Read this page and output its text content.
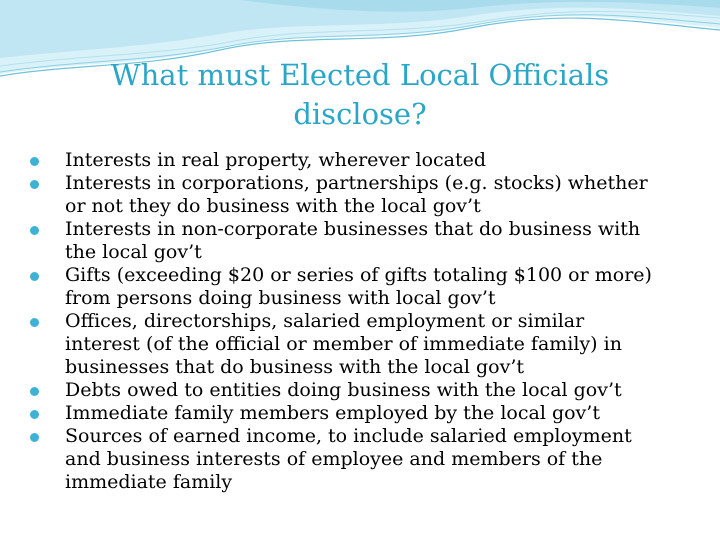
What must Elected Local Officials disclose?
Interests in real property, wherever located
Interests in corporations, partnerships (e.g. stocks) whether or not they do business with the local gov’t
Interests in non-corporate businesses that do business with the local gov’t
Gifts (exceeding $20 or series of gifts totaling $100 or more) from persons doing business with local gov’t
Offices, directorships, salaried employment or similar interest (of the official or member of immediate family) in businesses that do business with the local gov’t
Debts owed to entities doing business with the local gov’t
Immediate family members employed by the local gov’t
Sources of earned income, to include salaried employment and business interests of employee and members of the immediate family
